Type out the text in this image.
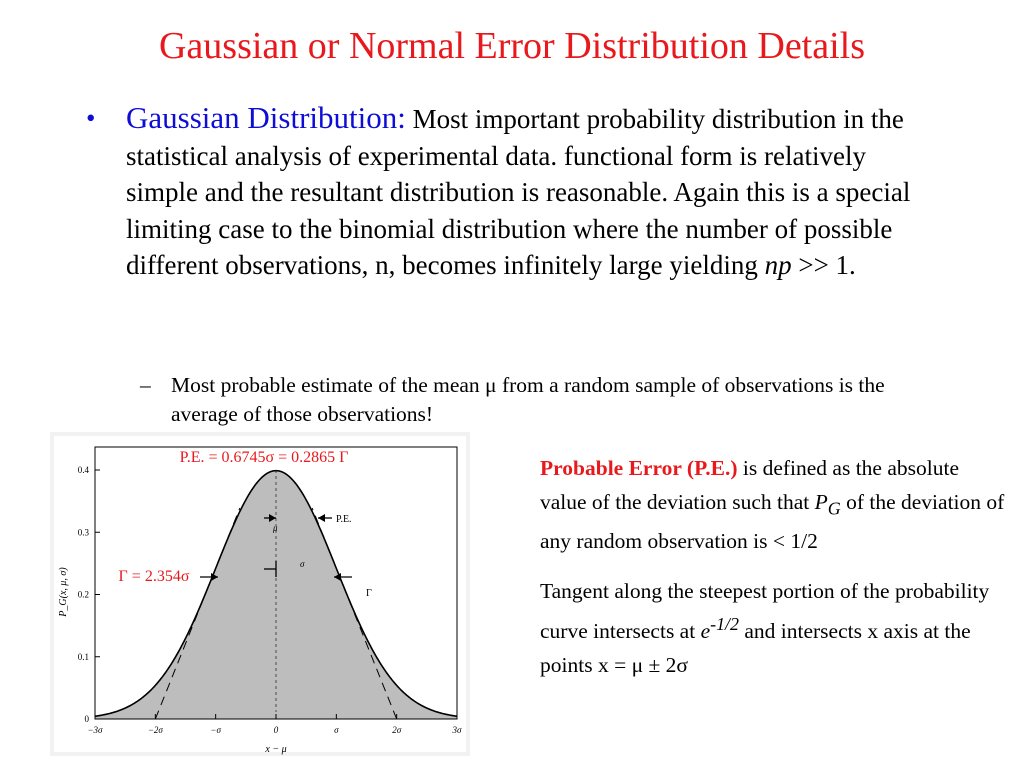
Gaussian or Normal Error Distribution Details
• Gaussian Distribution: Most important probability distribution in the statistical analysis of experimental data. functional form is relatively simple and the resultant distribution is reasonable. Again this is a special limiting case to the binomial distribution where the number of possible different observations, n, becomes infinitely large yielding np >> 1.
– Most probable estimate of the mean μ from a random sample of observations is the average of those observations!

Probable Error (P.E.) is defined as the absolute value of the deviation such that $P_G$ of the deviation of any random observation is < 1/2

Tangent along the steepest portion of the probability curve intersects at $e^{-1/2}$ and intersects x axis at the points x = μ ± 2σ

−3σ	−2σ	−σ	0	σ	2σ	3σ
0
0.1
0.2
0.3
0.4
x − μ
P_G(x, μ, σ)
μ
σ
P.E.
Γ
P.E. = 0.6745σ = 0.2865 Γ
Γ = 2.354σ
